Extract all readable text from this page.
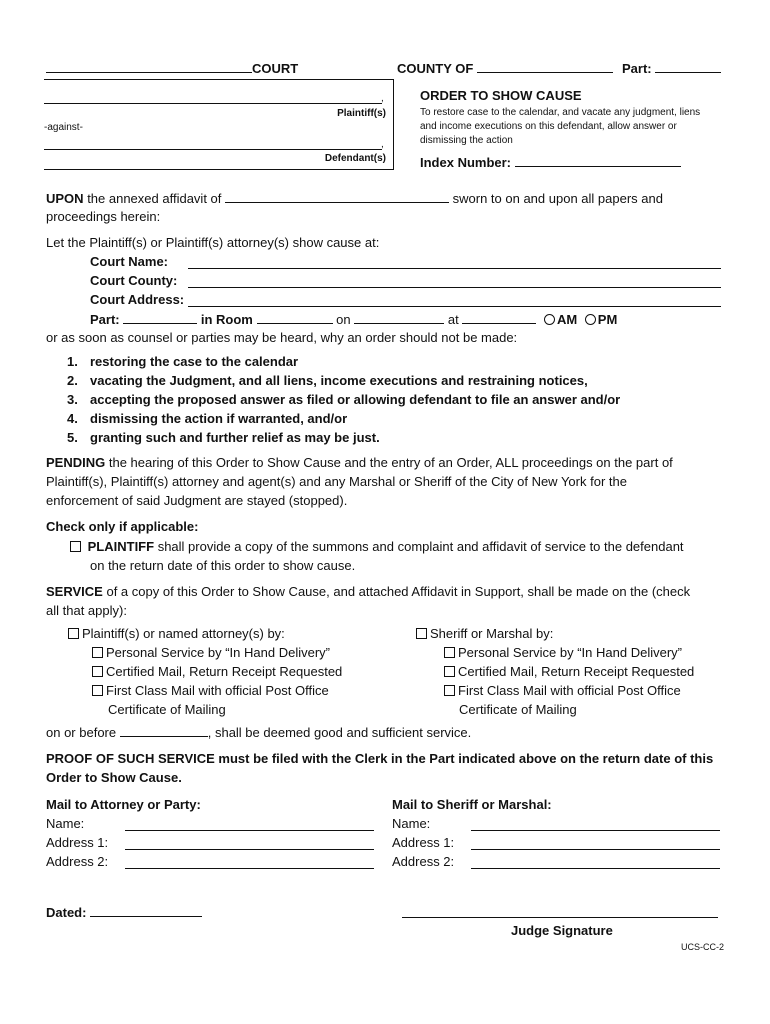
COURT	COUNTY OF	Part:
,
Plaintiff(s)
-against-
,
Defendant(s)
ORDER TO SHOW CAUSE
To restore case to the calendar, and vacate any judgment, liens
and income executions on this defendant, allow answer or
dismissing the action
Index Number:
UPON the annexed affidavit of	sworn to on and upon all papers and
proceedings herein:
Let the Plaintiff(s) or Plaintiff(s) attorney(s) show cause at:
Court Name:
Court County:
Court Address:
Part:	in Room	on	at	AM PM
or as soon as counsel or parties may be heard, why an order should not be made:
1. restoring the case to the calendar
2. vacating the Judgment, and all liens, income executions and restraining notices,
3. accepting the proposed answer as filed or allowing defendant to file an answer and/or
4. dismissing the action if warranted, and/or
5. granting such and further relief as may be just.
PENDING the hearing of this Order to Show Cause and the entry of an Order, ALL proceedings on the part of
Plaintiff(s), Plaintiff(s) attorney and agent(s) and any Marshal or Sheriff of the City of New York for the
enforcement of said Judgment are stayed (stopped).
Check only if applicable:
PLAINTIFF shall provide a copy of the summons and complaint and affidavit of service to the defendant
on the return date of this order to show cause.
SERVICE of a copy of this Order to Show Cause, and attached Affidavit in Support, shall be made on the (check
all that apply):
Plaintiff(s) or named attorney(s) by:
Personal Service by “In Hand Delivery”
Certified Mail, Return Receipt Requested
First Class Mail with official Post Office
Certificate of Mailing
Sheriff or Marshal by:
Personal Service by “In Hand Delivery”
Certified Mail, Return Receipt Requested
First Class Mail with official Post Office
Certificate of Mailing
on or before	, shall be deemed good and sufficient service.
PROOF OF SUCH SERVICE must be filed with the Clerk in the Part indicated above on the return date of this
Order to Show Cause.
Mail to Attorney or Party:
Name:
Address 1:
Address 2:
Mail to Sheriff or Marshal:
Name:
Address 1:
Address 2:
Dated:
Judge Signature
UCS-CC-2
